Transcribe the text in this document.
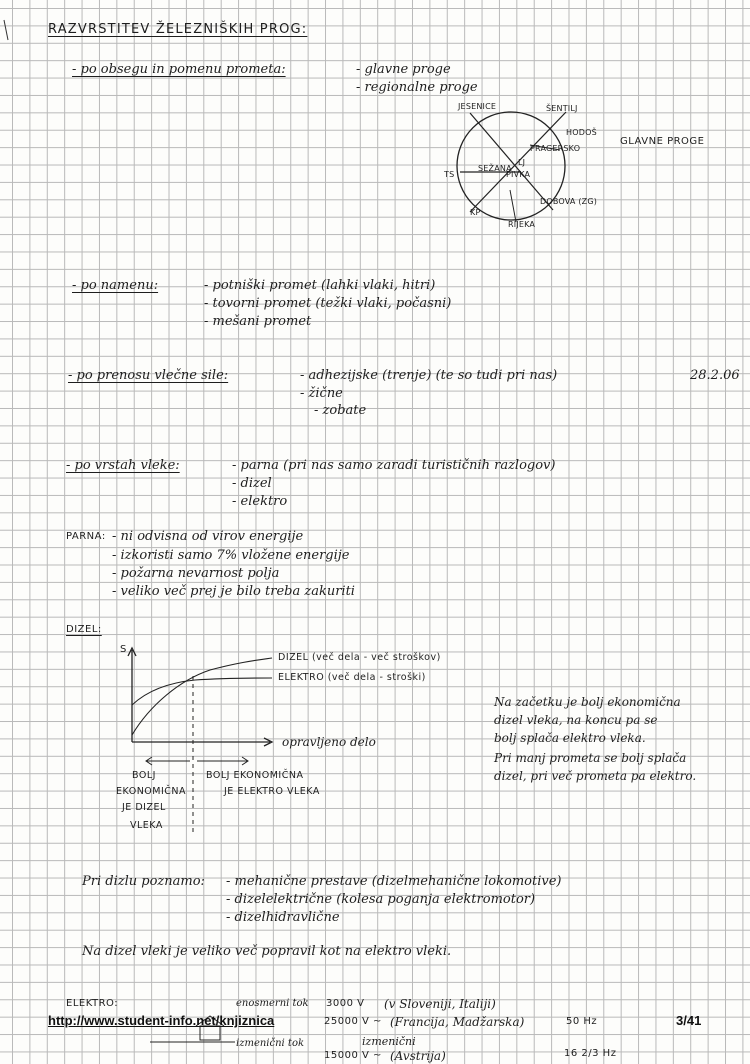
RAZVRSTITEV ŽELEZNIŠKIH PROG:
- po obsegu in pomenu prometa:	- glavne proge
- regionalne proge
JESENICE	ŠENTILJ
HODOŠ
PRAGERSKO
LJ
SEŽANA
PIVKA
TS
DOBOVA (ZG)
KP
RIJEKA
GLAVNE PROGE
- po namenu:	- potniški promet (lahki vlaki, hitri)
- tovorni promet (težki vlaki, počasni)
- mešani promet
- po prenosu vlečne sile:	- adhezijske (trenje) (te so tudi pri nas)
- žične
- zobate
28.2.06
- po vrstah vleke:	- parna (pri nas samo zaradi turističnih razlogov)
- dizel
- elektro
PARNA: - ni odvisna od virov energije
- izkoristi samo 7% vložene energije
- požarna nevarnost polja
- veliko več prej je bilo treba zakuriti
DIZEL:
S
opravljeno delo
DIZEL (več dela - več stroškov)
ELEKTRO (več dela - stroški)
BOLJ
EKONOMIČNA
JE DIZEL
VLEKA
BOLJ EKONOMIČNA
JE ELEKTRO VLEKA
Na začetku je bolj ekonomična
dizel vleka, na koncu pa se
bolj splača elektro vleka.
Pri manj prometa se bolj splača
dizel, pri več prometa pa elektro.
Pri dizlu poznamo: - mehanične prestave (dizelmehanične lokomotive)
- dizelelektrične (kolesa poganja elektromotor)
- dizelhidravlične
Na dizel vleki je veliko več popravil kot na elektro vleki.
ELEKTRO:	enosmerni tok 3000 V (v Sloveniji, Italiji)
25000 V ~ (Francija, Madžarska)	50 Hz
izmenični tok	izmenični
15000 V ~ (Avstrija)	16 2/3 Hz
http://www.student-info.net/knjiznica	3/41
